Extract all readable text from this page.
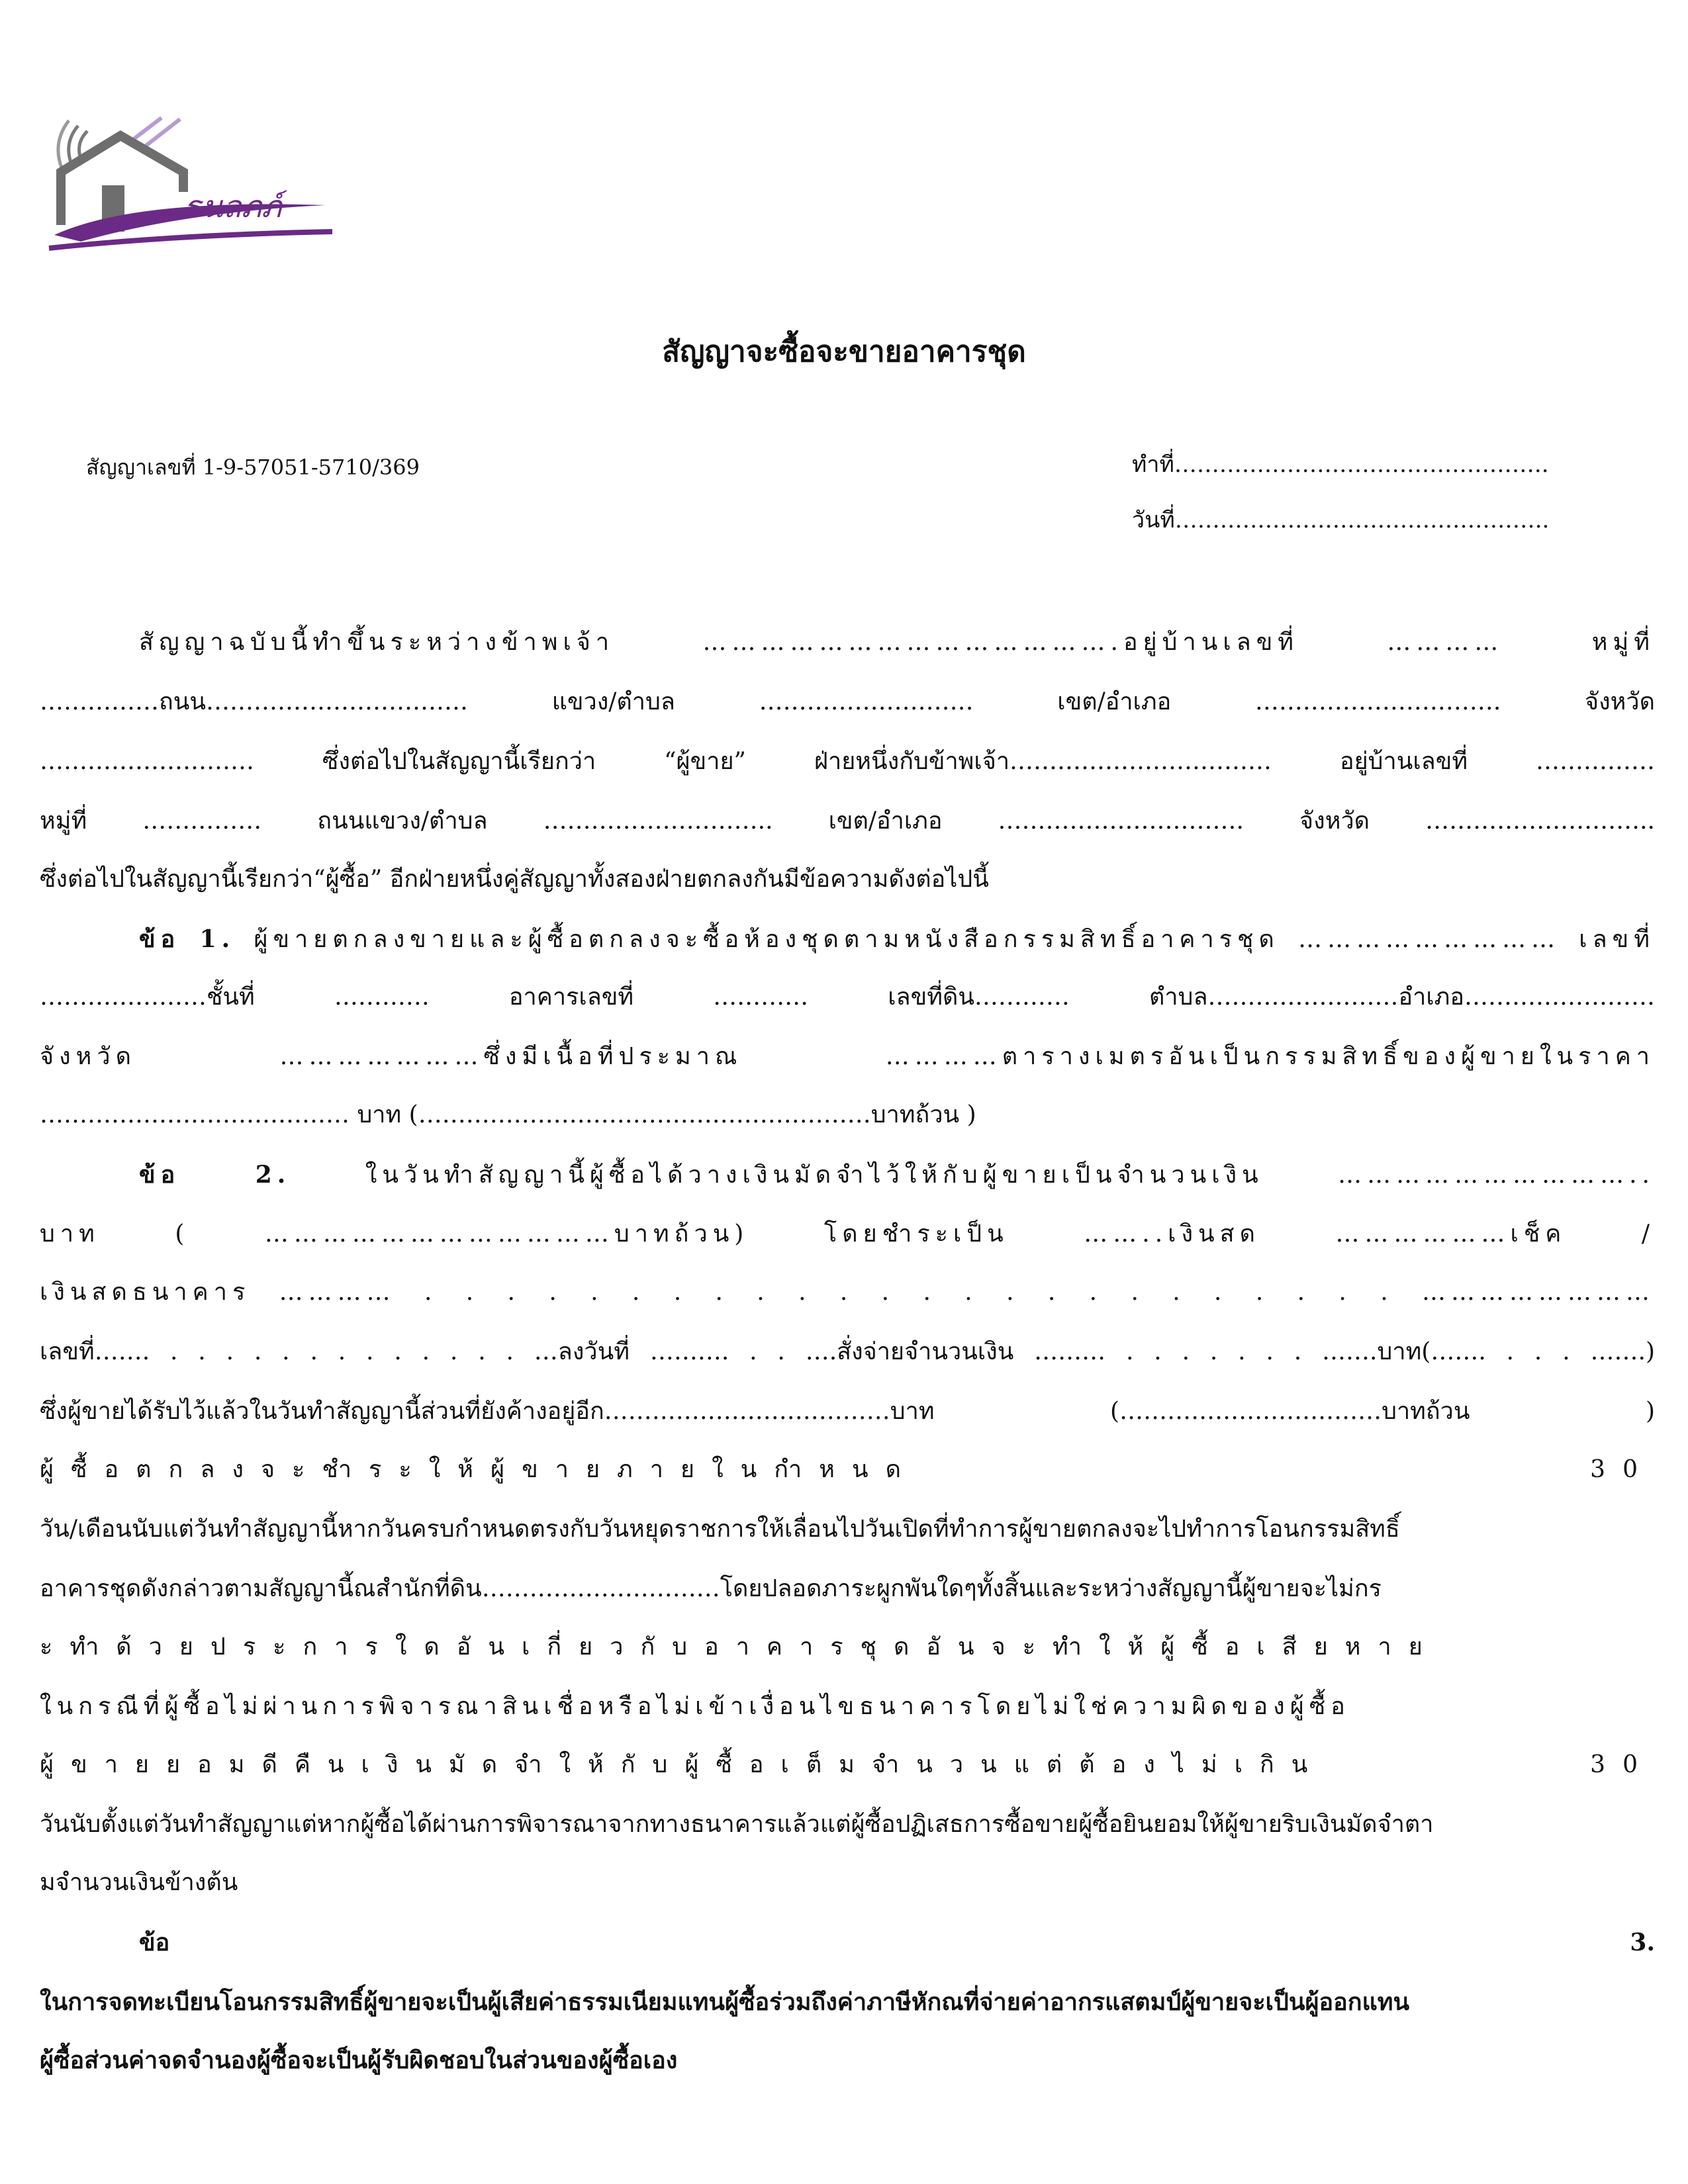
ธนลภภ์
สัญญาจะซื้อจะขายอาคารชุด
สัญญาเลขที่ 1-9-57051-5710/369	ทำที่…………………………………………..
วันที่…………………………………………..
สัญญาฉบับนี้ทำขึ้นระหว่างข้าพเจ้า …………………………………….อยู่บ้านเลขที่ ………… หมู่ที่
……………ถนน…………………………… แขวง/ตำบล ……………………… เขต/อำเภอ …………………………. จังหวัด
……………………… ซึ่งต่อไปในสัญญานี้เรียกว่า “ผู้ขาย” ฝ่ายหนึ่งกับข้าพเจ้า…………………………… อยู่บ้านเลขที่ ……………
หมู่ที่ …………… ถนนแขวง/ตำบล ……………………….. เขต/อำเภอ …………………………. จังหวัด ………………………..
ซึ่งต่อไปในสัญญานี้เรียกว่า“ผู้ซื้อ” อีกฝ่ายหนึ่งคู่สัญญาทั้งสองฝ่ายตกลงกันมีข้อความดังต่อไปนี้
ข้อ 1. ผู้ขายตกลงขายและผู้ซื้อตกลงจะซื้อห้องชุดตามหนังสือกรรมสิทธิ์อาคารชุด ……………………… เลขที่
…………………ชั้นที่ ………… อาคารเลขที่ ………… เลขที่ดิน………… ตำบล……………………อำเภอ……………………
จังหวัด …………………ซึ่งมีเนื้อที่ประมาณ …………ตารางเมตรอันเป็นกรรมสิทธิ์ของผู้ขายในราคา
………………………………… บาท (…………………………………………………บาทถ้วน )
ข้อ 2.	ในวันทำสัญญานี้ผู้ซื้อได้วางเงินมัดจำไว้ให้กับผู้ขายเป็นจำนวนเงิน …………………………..
บาท ( ………………………………บาทถ้วน) โดยชำระเป็น ……..เงินสด ………………เช็ค /
เงินสดธนาคาร ………… . . . . . . . . . . . . . . . . . . . . . . . . ……………………
เลขที่……. . . . . . . . . . . . . . …ลงวันที่ ………. . . ….สั่งจ่ายจำนวนเงิน ……… . . . . . . . …….บาท(……. . . . …….)
ซึ่งผู้ขายได้รับไว้แล้วในวันทำสัญญานี้ส่วนที่ยังค้างอยู่อีก………………………………บาท (……………………………บาทถ้วน )
ผู้ซื้อตกลงจะชำระให้ผู้ขายภายในกำหนด 30
วัน/เดือนนับแต่วันทำสัญญานี้หากวันครบกำหนดตรงกับวันหยุดราชการให้เลื่อนไปวันเปิดที่ทำการผู้ขายตกลงจะไปทำการโอนกรรมสิทธิ์
อาคารชุดดังกล่าวตามสัญญานี้ณสำนักที่ดิน…………………………โดยปลอดภาระผูกพันใดๆทั้งสิ้นและระหว่างสัญญานี้ผู้ขายจะไม่กร
ะทำด้วยประการใดอันเกี่ยวกับอาคารชุดอันจะทำให้ผู้ซื้อเสียหาย
ในกรณีที่ผู้ซื้อไม่ผ่านการพิจารณาสินเชื่อหรือไม่เข้าเงื่อนไขธนาคารโดยไม่ใช่ความผิดของผู้ซื้อ
ผู้ขายยอมดีคืนเงินมัดจำให้กับผู้ซื้อเต็มจำนวนแต่ต้องไม่เกิน 30
วันนับตั้งแต่วันทำสัญญาแต่หากผู้ซื้อได้ผ่านการพิจารณาจากทางธนาคารแล้วแต่ผู้ซื้อปฏิเสธการซื้อขายผู้ซื้อยินยอมให้ผู้ขายริบเงินมัดจำตา
มจำนวนเงินข้างต้น
ข้อ 3.
ในการจดทะเบียนโอนกรรมสิทธิ์ผู้ขายจะเป็นผู้เสียค่าธรรมเนียมแทนผู้ซื้อร่วมถึงค่าภาษีหักณที่จ่ายค่าอากรแสตมป์ผู้ขายจะเป็นผู้ออกแทน
ผู้ซื้อส่วนค่าจดจำนองผู้ซื้อจะเป็นผู้รับผิดชอบในส่วนของผู้ซื้อเอง
